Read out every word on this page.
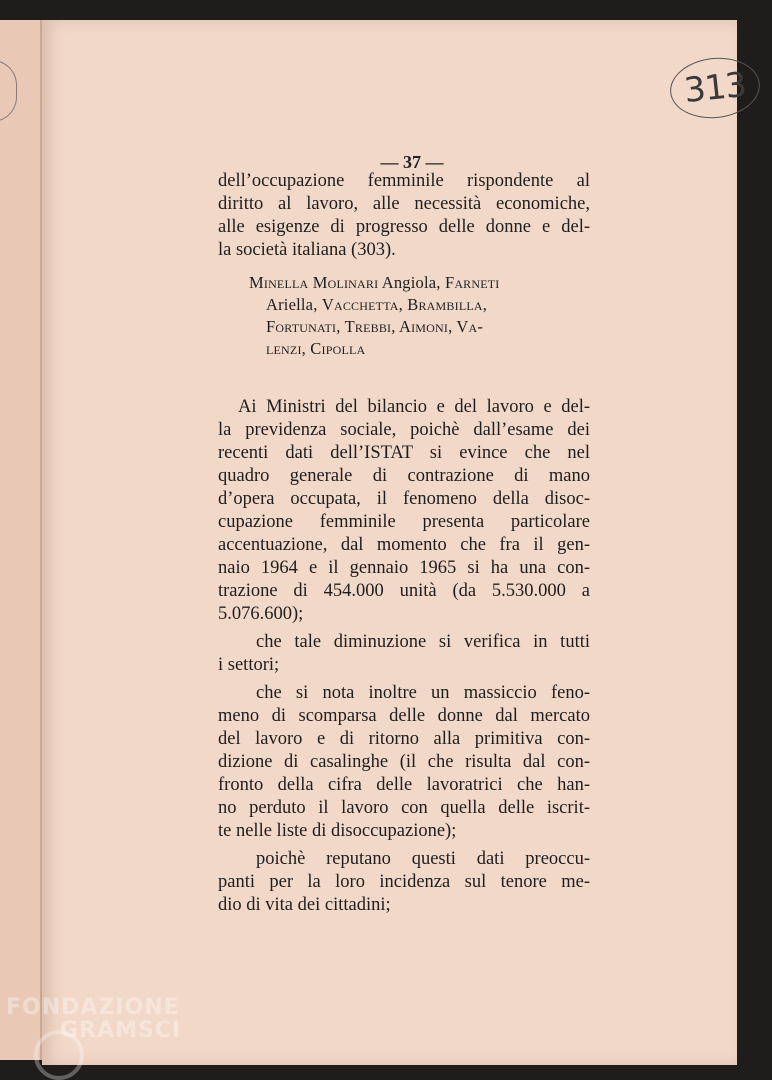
313
— 37 —
dell’occupazione femminile rispondente al
diritto al lavoro, alle necessità economiche,
alle esigenze di progresso delle donne e del-
la società italiana (303).
Minella Molinari Angiola, Farneti
Ariella, Vacchetta, Brambilla,
Fortunati, Trebbi, Aimoni, Va-
lenzi, Cipolla
Ai Ministri del bilancio e del lavoro e del-
la previdenza sociale, poichè dall’esame dei
recenti dati dell’ISTAT si evince che nel
quadro generale di contrazione di mano
d’opera occupata, il fenomeno della disoc-
cupazione femminile presenta particolare
accentuazione, dal momento che fra il gen-
naio 1964 e il gennaio 1965 si ha una con-
trazione di 454.000 unità (da 5.530.000 a
5.076.600);
che tale diminuzione si verifica in tutti
i settori;
che si nota inoltre un massiccio feno-
meno di scomparsa delle donne dal mercato
del lavoro e di ritorno alla primitiva con-
dizione di casalinghe (il che risulta dal con-
fronto della cifra delle lavoratrici che han-
no perduto il lavoro con quella delle iscrit-
te nelle liste di disoccupazione);
poichè reputano questi dati preoccu-
panti per la loro incidenza sul tenore me-
dio di vita dei cittadini;
FONDAZIONE
GRAMSCI
